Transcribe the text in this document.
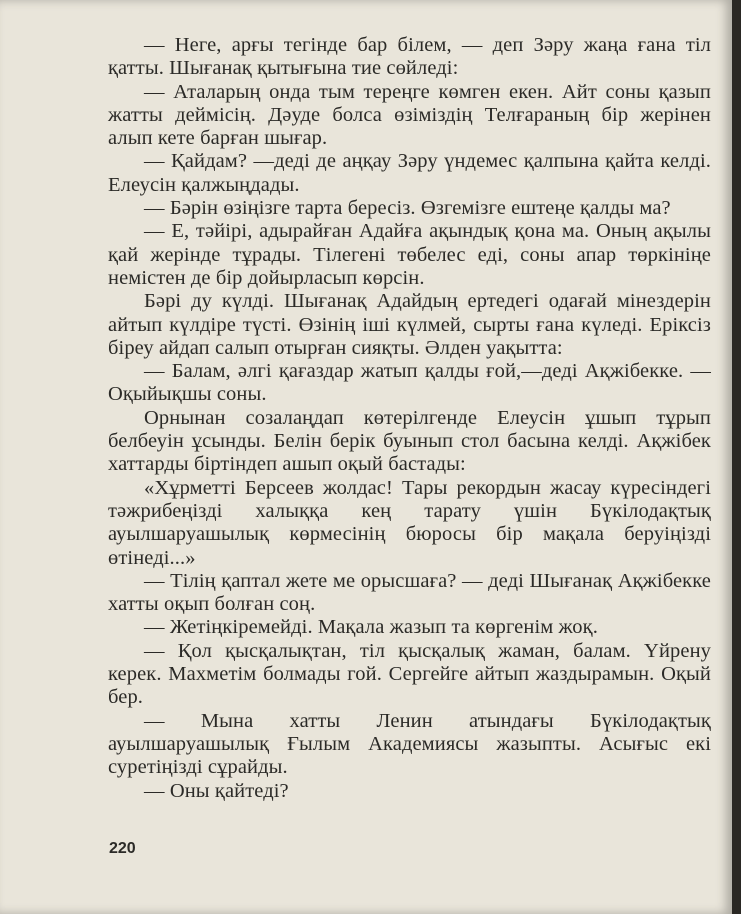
— Неге, арғы тегінде бар білем, — деп Зәру жаңа ғана тіл қатты. Шығанақ қытығына тие сөйледі:

— Аталарың онда тым тереңге көмген екен. Айт соны қазып жатты деймісің. Дәуде болса өзіміздің Телғараның бір жерінен алып кете барған шығар.

— Қайдам? —деді де аңқау Зәру үндемес қалпына қайта келді. Елеусін қалжыңдады.

— Бәрін өзіңізге тарта бересіз. Өзгемізге ештеңе қалды ма?

— Е, тәйірі, адырайған Адайға ақындық қона ма. Оның ақылы қай жерінде тұрады. Тілегені төбелес еді, соны апар төркініңе немістен де бір дойырласып көрсін.

Бәрі ду күлді. Шығанақ Адайдың ертедегі одағай мінездерін айтып күлдіре түсті. Өзінің іші күлмей, сырты ғана күледі. Еріксіз біреу айдап салып отырған сияқты. Әлден уақытта:

— Балам, әлгі қағаздар жатып қалды ғой,—деді Ақжібекке. — Оқыйықшы соны.

Орнынан созалаңдап көтерілгенде Елеусін ұшып тұрып белбеуін ұсынды. Белін берік буынып стол басына келді. Ақжібек хаттарды біртіндеп ашып оқый бастады:

«Хұрметті Берсеев жолдас! Тары рекордын жасау күресіндегі тәжрибеңізді халыққа кең тарату үшін Бүкілодақтық ауылшаруашылық көрмесінің бюросы бір мақала беруіңізді өтінеді...»

— Тілің қаптал жете ме орысшаға? — деді Шығанақ Ақжібекке хатты оқып болған соң.

— Жетіңкіремейді. Мақала жазып та көргенім жоқ.

— Қол қысқалықтан, тіл қысқалық жаман, балам. Үйрену керек. Махметім болмады гой. Сергейге айтып жаздырамын. Оқый бер.

— Мына хатты Ленин атындағы Бүкілодақтық ауылшаруашылық Ғылым Академиясы жазыпты. Асығыс екі суретіңізді сұрайды.

— Оны қайтеді?

220
